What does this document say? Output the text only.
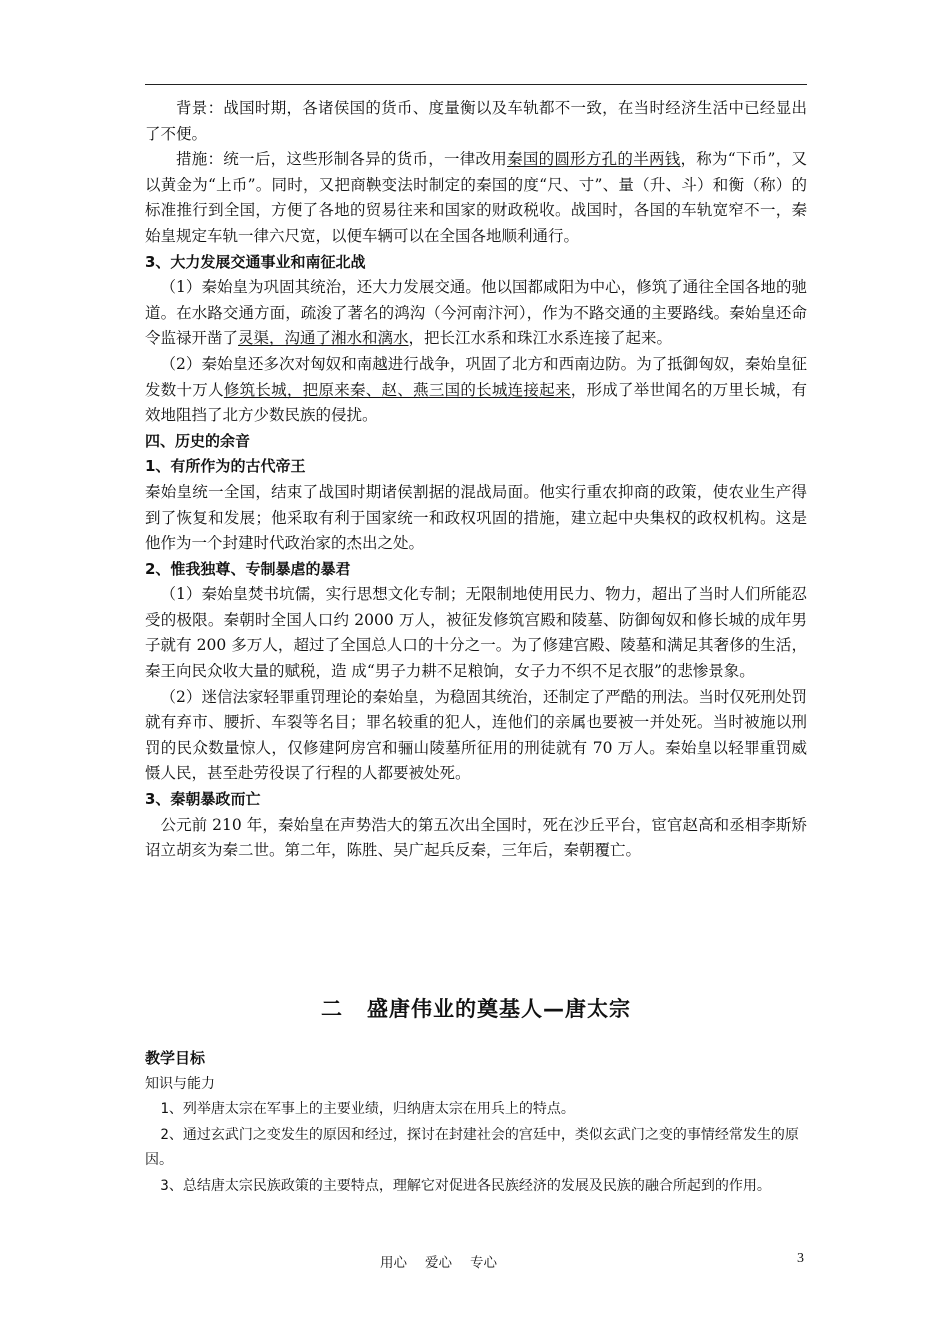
背景：战国时期，各诸侯国的货币、度量衡以及车轨都不一致，在当时经济生活中已经显出了不便。

措施：统一后，这些形制各异的货币，一律改用秦国的圆形方孔的半两钱，称为“下币”，又以黄金为“上币”。同时，又把商鞅变法时制定的秦国的度“尺、寸”、量（升、斗）和衡（称）的标准推行到全国，方便了各地的贸易往来和国家的财政税收。战国时，各国的车轨宽窄不一，秦始皇规定车轨一律六尺宽，以便车辆可以在全国各地顺利通行。

3、大力发展交通事业和南征北战

（1）秦始皇为巩固其统治，还大力发展交通。他以国都咸阳为中心，修筑了通往全国各地的驰道。在水路交通方面，疏浚了著名的鸿沟（今河南汴河），作为不路交通的主要路线。秦始皇还命令监禄开凿了灵渠，沟通了湘水和漓水，把长江水系和珠江水系连接了起来。

（2）秦始皇还多次对匈奴和南越进行战争，巩固了北方和西南边防。为了抵御匈奴，秦始皇征发数十万人修筑长城，把原来秦、赵、燕三国的长城连接起来，形成了举世闻名的万里长城，有效地阻挡了北方少数民族的侵扰。

四、历史的余音

1、有所作为的古代帝王

秦始皇统一全国，结束了战国时期诸侯割据的混战局面。他实行重农抑商的政策，使农业生产得到了恢复和发展；他采取有利于国家统一和政权巩固的措施，建立起中央集权的政权机构。这是他作为一个封建时代政治家的杰出之处。

2、惟我独尊、专制暴虐的暴君

（1）秦始皇焚书坑儒，实行思想文化专制；无限制地使用民力、物力，超出了当时人们所能忍受的极限。秦朝时全国人口约 2000 万人，被征发修筑宫殿和陵墓、防御匈奴和修长城的成年男子就有 200 多万人，超过了全国总人口的十分之一。为了修建宫殿、陵墓和满足其奢侈的生活，秦王向民众收大量的赋税，造 成“男子力耕不足粮饷，女子力不织不足衣服”的悲惨景象。

（2）迷信法家轻罪重罚理论的秦始皇，为稳固其统治，还制定了严酷的刑法。当时仅死刑处罚就有弃市、腰折、车裂等名目；罪名较重的犯人，连他们的亲属也要被一并处死。当时被施以刑罚的民众数量惊人，仅修建阿房宫和骊山陵墓所征用的刑徒就有 70 万人。秦始皇以轻罪重罚威慑人民，甚至赴劳役误了行程的人都要被处死。

3、秦朝暴政而亡

公元前 210 年，秦始皇在声势浩大的第五次出全国时，死在沙丘平台，宦官赵高和丞相李斯矫诏立胡亥为秦二世。第二年，陈胜、吴广起兵反秦，三年后，秦朝覆亡。

二 盛唐伟业的奠基人—唐太宗

教学目标

知识与能力

1、列举唐太宗在军事上的主要业绩，归纳唐太宗在用兵上的特点。

2、通过玄武门之变发生的原因和经过，探讨在封建社会的宫廷中，类似玄武门之变的事情经常发生的原因。

3、总结唐太宗民族政策的主要特点，理解它对促进各民族经济的发展及民族的融合所起到的作用。

用心 爱心 专心	3
